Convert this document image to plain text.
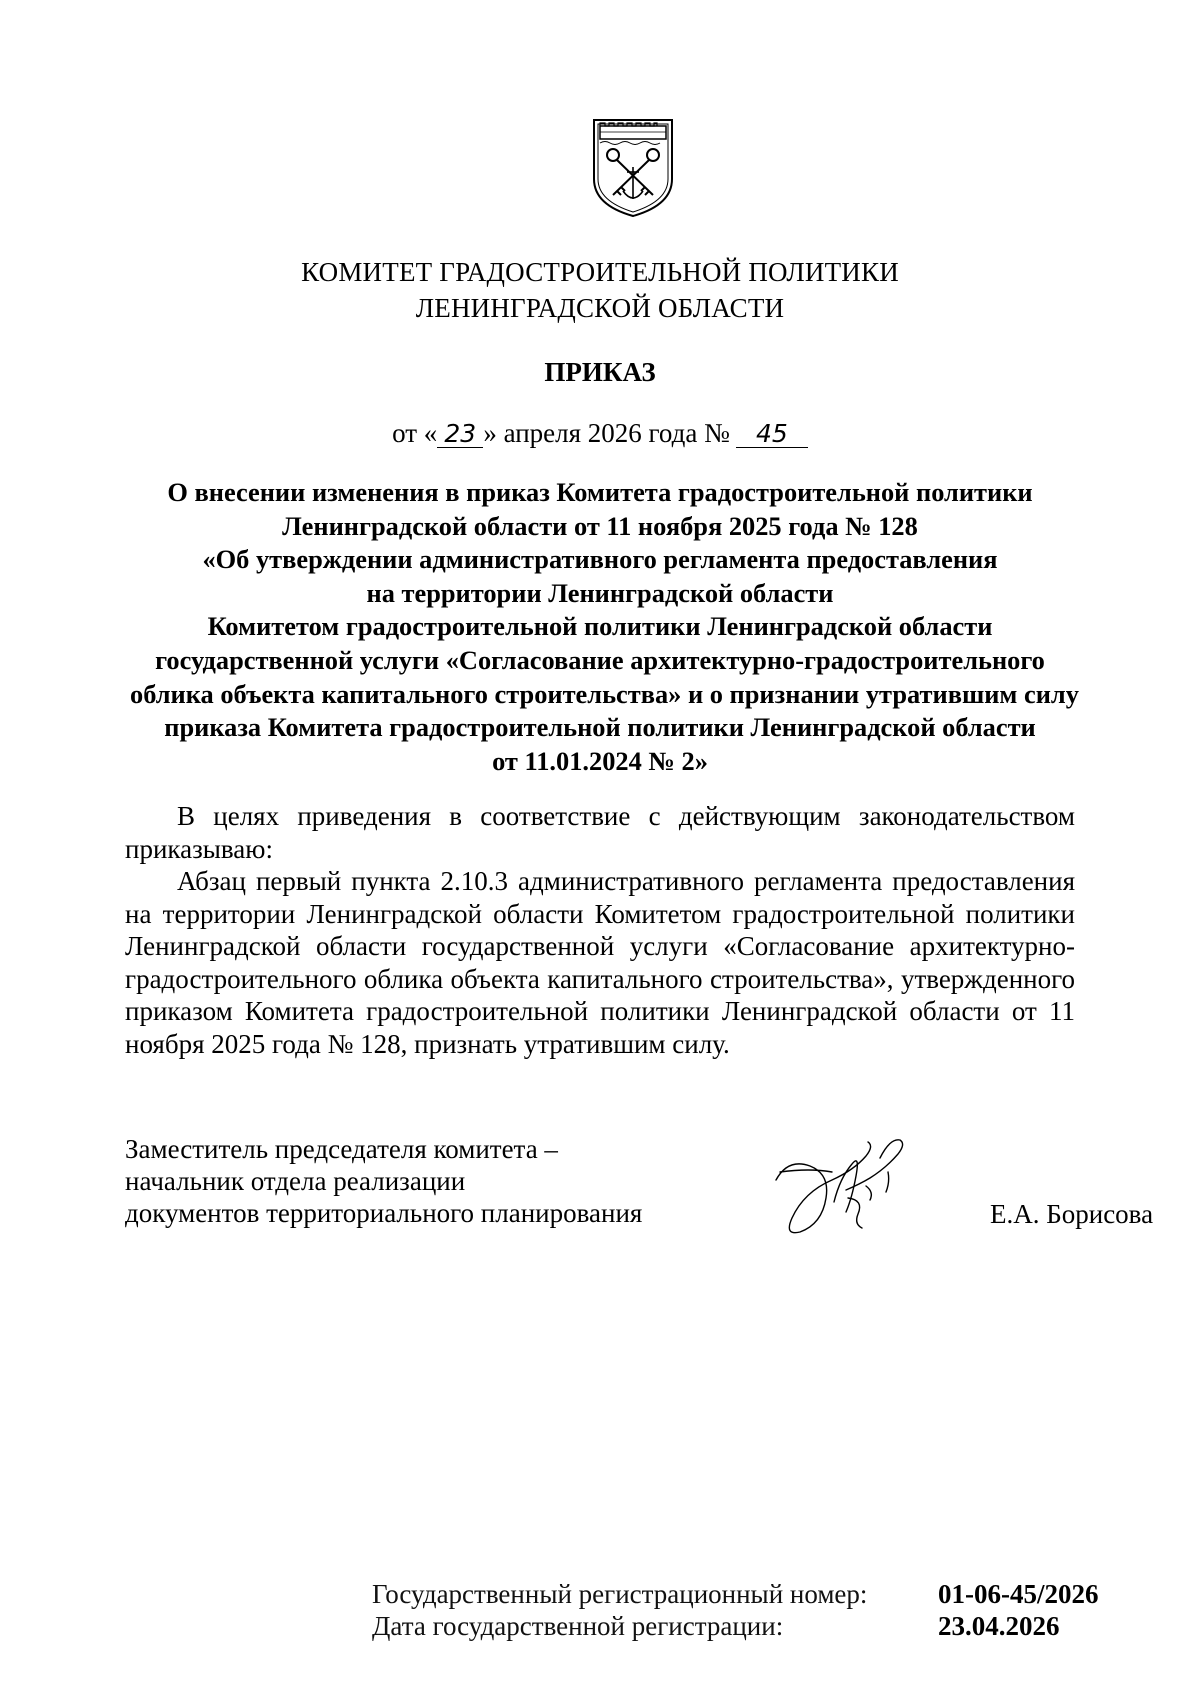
КОМИТЕТ ГРАДОСТРОИТЕЛЬНОЙ ПОЛИТИКИ
ЛЕНИНГРАДСКОЙ ОБЛАСТИ
ПРИКАЗ
от « 23 » апреля 2026 года № 45
О внесении изменения в приказ Комитета градостроительной политики
Ленинградской области от 11 ноября 2025 года № 128
«Об утверждении административного регламента предоставления
на территории Ленинградской области
Комитетом градостроительной политики Ленинградской области
государственной услуги «Согласование архитектурно-градостроительного
облика объекта капитального строительства» и о признании утратившим силу
приказа Комитета градостроительной политики Ленинградской области
от 11.01.2024 № 2»
В целях приведения в соответствие с действующим законодательством приказываю:
Абзац первый пункта 2.10.3 административного регламента предоставления на территории Ленинградской области Комитетом градостроительной политики Ленинградской области государственной услуги «Согласование архитектурно-градостроительного облика объекта капитального строительства», утвержденного приказом Комитета градостроительной политики Ленинградской области от 11 ноября 2025 года № 128, признать утратившим силу.
Заместитель председателя комитета –
начальник отдела реализации
документов территориального планирования	Е.А. Борисова
Государственный регистрационный номер:	01-06-45/2026
Дата государственной регистрации:	23.04.2026
